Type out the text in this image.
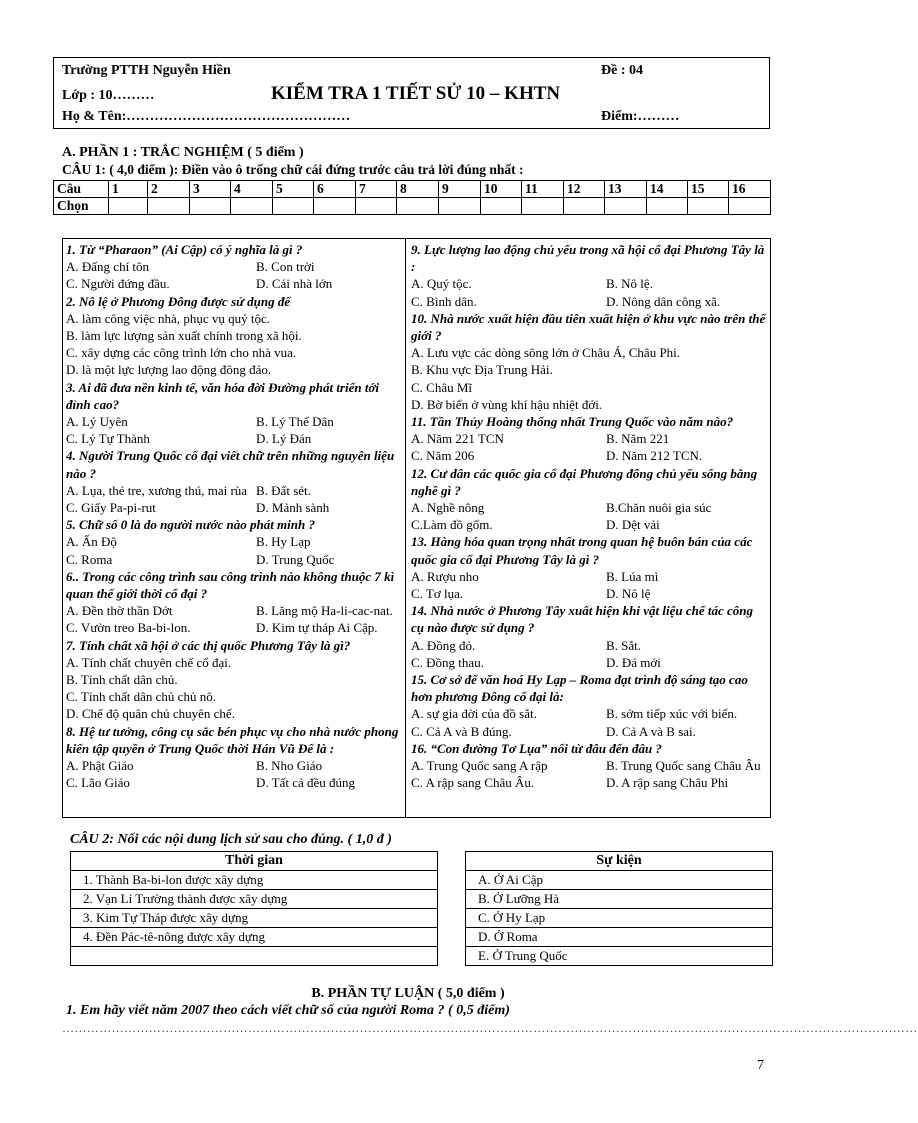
Trường PTTH Nguyễn Hiền	Đề : 04
Lớp : 10………	KIỂM TRA 1 TIẾT SỬ 10 – KHTN
Họ & Tên:…………………………………………	Điểm:………
A. PHẦN 1 : TRẮC NGHIỆM ( 5 điểm )
CÂU 1: ( 4,0 điểm ): Điền vào ô trống chữ cái đứng trước câu trả lời đúng nhất :
Câu	1	2	3	4	5	6	7	8	9	10	11	12	13	14	15	16
Chọn																

1. Từ “Pharaon” (Ai Cập) có ý nghĩa là gì ?

A. Đấng chí tôn	B. Con trời

C. Người đứng đầu.	D. Cái nhà lớn

2. Nô lệ ở Phương Đông được sử dụng để

A. làm công việc nhà, phục vụ quý tộc.

B. làm lực lượng sản xuất chính trong xã hội.

C. xây dựng các công trình lớn cho nhà vua.

D. là một lực lượng lao động đông đảo.

3. Ai đã đưa nền kinh tế, văn hóa đời Đường phát triển tới đỉnh cao?

A. Lý Uyên	B. Lý Thế Dân

C. Lý Tự Thành	D. Lý Đán

4. Người Trung Quốc cổ đại viết chữ trên những nguyên liệu nào ?

A. Lụa, thẻ tre, xương thú, mai rùa B. Đất sét.

C. Giấy Pa-pi-rut	D. Mảnh sành

5. Chữ số 0 là do người nước nào phát minh ?

A. Ấn Độ	B. Hy Lạp

C. Roma	D. Trung Quốc

6.. Trong các công trình sau công trình nào không thuộc 7 kì quan thế giới thời cổ đại ?

A. Đền thờ thần Dớt	B. Lăng mộ Ha-li-cac-nat.

C. Vườn treo Ba-bi-lon.	D. Kim tự tháp Ai Cập.

7. Tính chất xã hội ở các thị quốc Phương Tây là gì?

A. Tính chất chuyên chế cổ đại.

B. Tính chất dân chủ.

C. Tính chất dân chủ chủ nô.

D. Chế độ quân chủ chuyên chế.

8. Hệ tư tưởng, công cụ sắc bén phục vụ cho nhà nước phong kiến tập quyền ở Trung Quốc thời Hán Vũ Đế là :

A. Phật Giáo	B. Nho Giáo

C. Lão Giáo	D. Tất cả đều đúng

9. Lực lượng lao động chủ yếu trong xã hội cổ đại Phương Tây là :

A. Quý tộc.	B. Nô lệ.

C. Bình dân.	D. Nông dân công xã.

10. Nhà nước xuất hiện đầu tiên xuất hiện ở khu vực nào trên thế giới ?

A. Lưu vực các dòng sông lớn ở Châu Á, Châu Phi.

B. Khu vực Địa Trung Hải.

C. Châu Mĩ

D. Bờ biển ở vùng khí hậu nhiệt đới.

11. Tần Thủy Hoàng thống nhất Trung Quốc vào năm nào?

A. Năm 221 TCN	B. Năm 221

C. Năm 206	D. Năm 212 TCN.

12. Cư dân các quốc gia cổ đại Phương đông chủ yếu sống bằng nghề gì ?

A. Nghề nông	B.Chăn nuôi gia súc

C.Làm đồ gốm.	D. Dệt vải

13. Hàng hóa quan trọng nhất trong quan hệ buôn bán của các quốc gia cổ đại Phương Tây là gì ?

A. Rượu nho	B. Lúa mì

C. Tơ lụa.	D. Nô lệ

14. Nhà nước ở Phương Tây xuất hiện khi vật liệu chế tác công cụ nào được sử dụng ?

A. Đồng đỏ.	B. Sắt.

C. Đồng thau.	D. Đá mới

15. Cơ sở để văn hoá Hy Lạp – Roma đạt trình độ sáng tạo cao hơn phương Đông cổ đại là:

A. sự gia đời của đồ sắt.	B. sớm tiếp xúc với biển.

C. Cả A và B đúng.	D. Cả A và B sai.

16. “Con đường Tơ Lụa” nối từ đâu đến đâu ?

A. Trung Quốc sang A rập	B. Trung Quốc sang Châu Âu

C. A rập sang Châu Âu.	D. A rập sang Châu Phi

CÂU 2: Nối các nội dung lịch sử sau cho đúng. ( 1,0 đ )
Thời gian
1. Thành Ba-bi-lon được xây dựng
2. Vạn Lí Trường thành được xây dựng
3. Kim Tự Tháp được xây dựng
4. Đền Pác-tê-nông được xây dựng

Sự kiện
A. Ở Ai Cập
B. Ở Lưỡng Hà
C. Ở Hy Lạp
D. Ở Roma
E. Ở Trung Quốc
B. PHẦN TỰ LUẬN ( 5,0 điểm )
1. Em hãy viết năm 2007 theo cách viết chữ số của người Roma ? ( 0,5 điểm)
………………………………………………………………………………………………………………………………………………………………………………………
7
